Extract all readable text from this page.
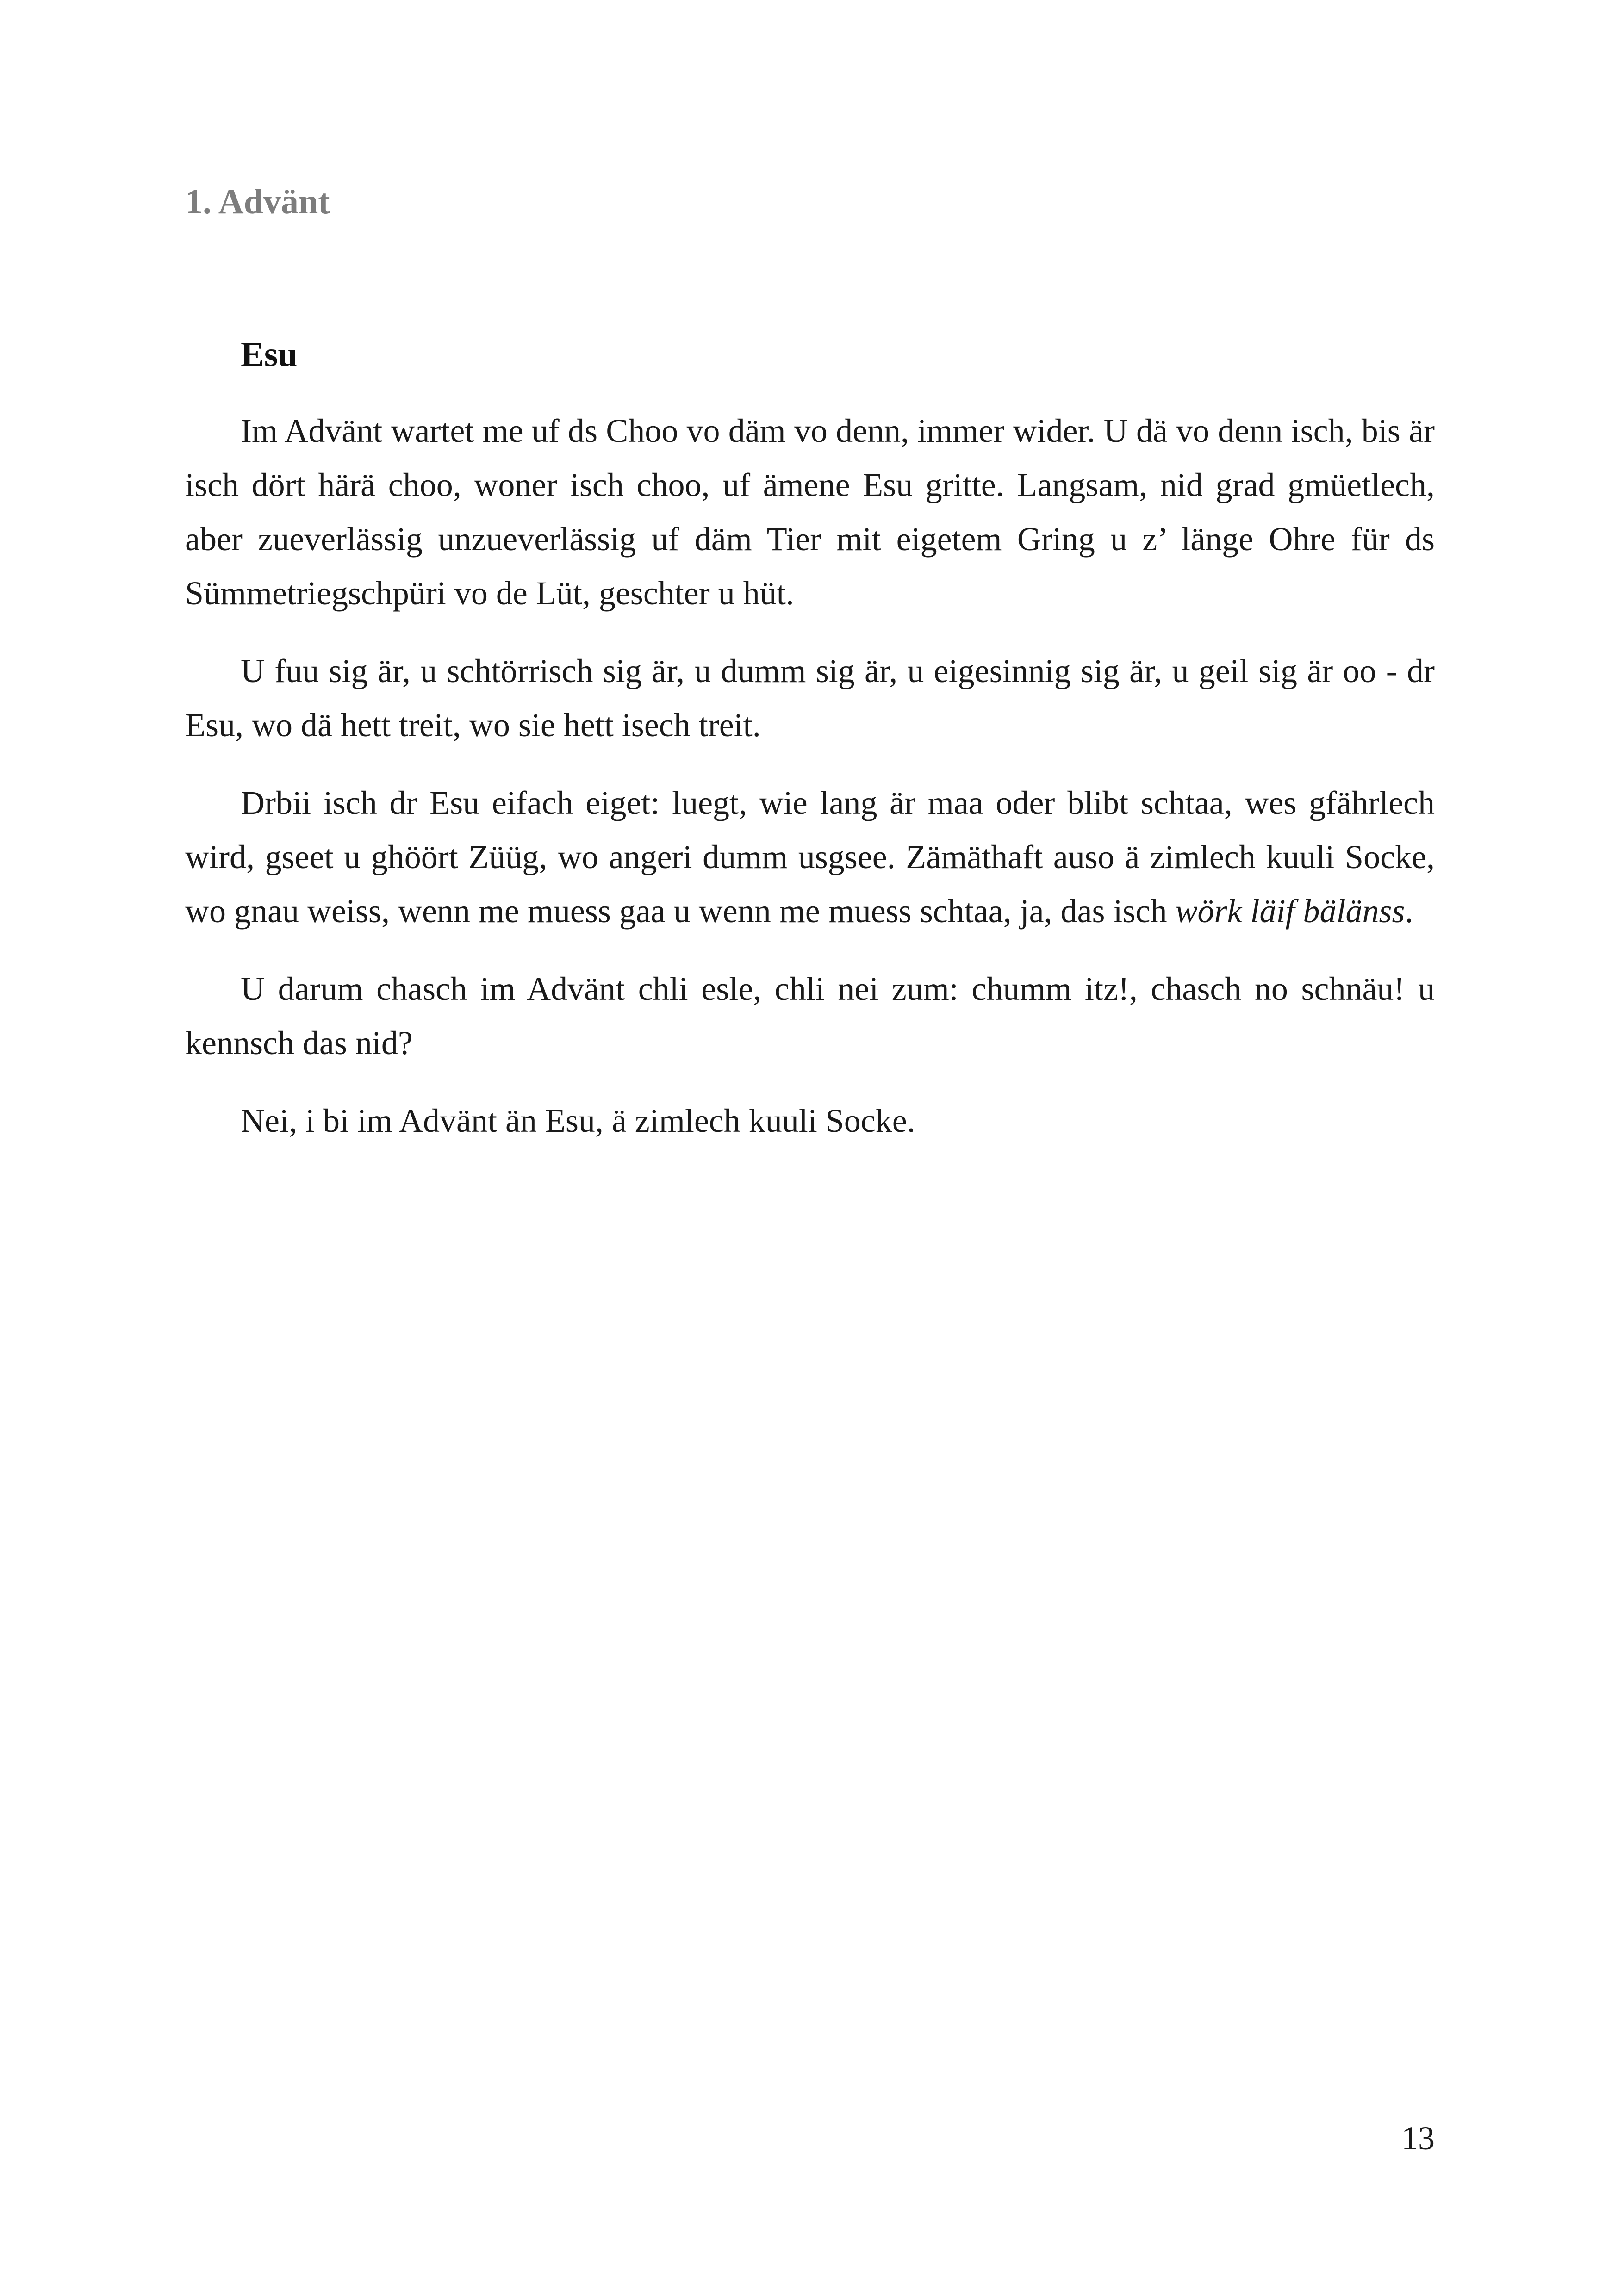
1. Advänt
Esu

Im Advänt wartet me uf ds Choo vo däm vo denn, immer wider. U dä vo denn isch, bis är isch dört härä choo, woner isch choo, uf ämene Esu gritte. Langsam, nid grad gmüetlech, aber zueverlässig unzueverlässig uf däm Tier mit eigetem Gring u z’ länge Ohre für ds Sümmetriegschpüri vo de Lüt, geschter u hüt.

U fuu sig är, u schtörrisch sig är, u dumm sig är, u eigesinnig sig är, u geil sig är oo - dr Esu, wo dä hett treit, wo sie hett isech treit.

Drbii isch dr Esu eifach eiget: luegt, wie lang är maa oder blibt schtaa, wes gfährlech wird, gseet u ghöört Züüg, wo angeri dumm usgsee. Zämäthaft auso ä zimlech kuuli Socke, wo gnau weiss, wenn me muess gaa u wenn me muess schtaa, ja, das isch wörk läif bälänss.

U darum chasch im Advänt chli esle, chli nei zum: chumm itz!, chasch no schnäu! u kennsch das nid?

Nei, i bi im Advänt än Esu, ä zimlech kuuli Socke.

13
